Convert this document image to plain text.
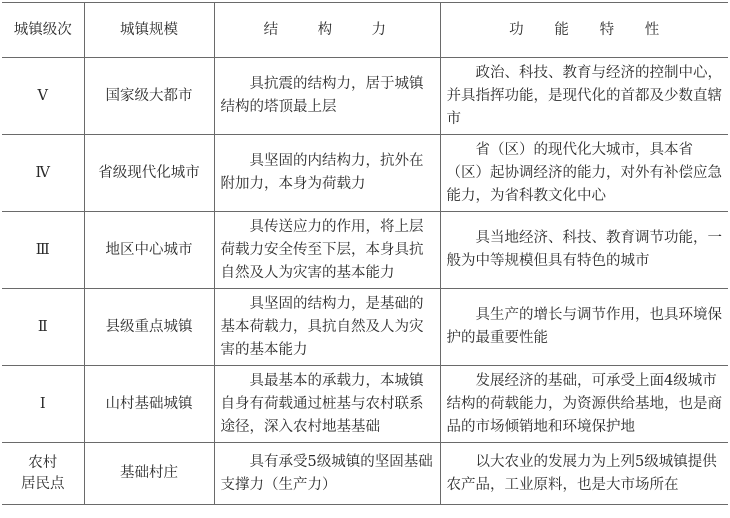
城镇级次	城镇规模	结 构 力	功 能 特 性
Ⅴ	国家级大都市	具抗震的结构力，居于城镇结构的塔顶最上层	政治、科技、教育与经济的控制中心，并具指挥功能，是现代化的首都及少数直辖市
Ⅳ	省级现代化城市	具坚固的内结构力，抗外在附加力，本身为荷载力	省（区）的现代化大城市，具本省（区）起协调经济的能力，对外有补偿应急能力，为省科教文化中心
Ⅲ	地区中心城市	具传送应力的作用，将上层荷载力安全传至下层，本身具抗自然及人为灾害的基本能力	具当地经济、科技、教育调节功能，一般为中等规模但具有特色的城市
Ⅱ	县级重点城镇	具坚固的结构力，是基础的基本荷载力，具抗自然及人为灾害的基本能力	具生产的增长与调节作用，也具环境保护的最重要性能
Ⅰ	山村基础城镇	具最基本的承载力，本城镇自身有荷载通过桩基与农村联系途径，深入农村地基基础	发展经济的基础，可承受上面4级城市结构的荷载能力，为资源供给基地，也是商品的市场倾销地和环境保护地

农村
居民点	基础村庄	具有承受5级城镇的坚固基础支撑力（生产力）	以大农业的发展力为上列5级城镇提供农产品，工业原料，也是大市场所在
